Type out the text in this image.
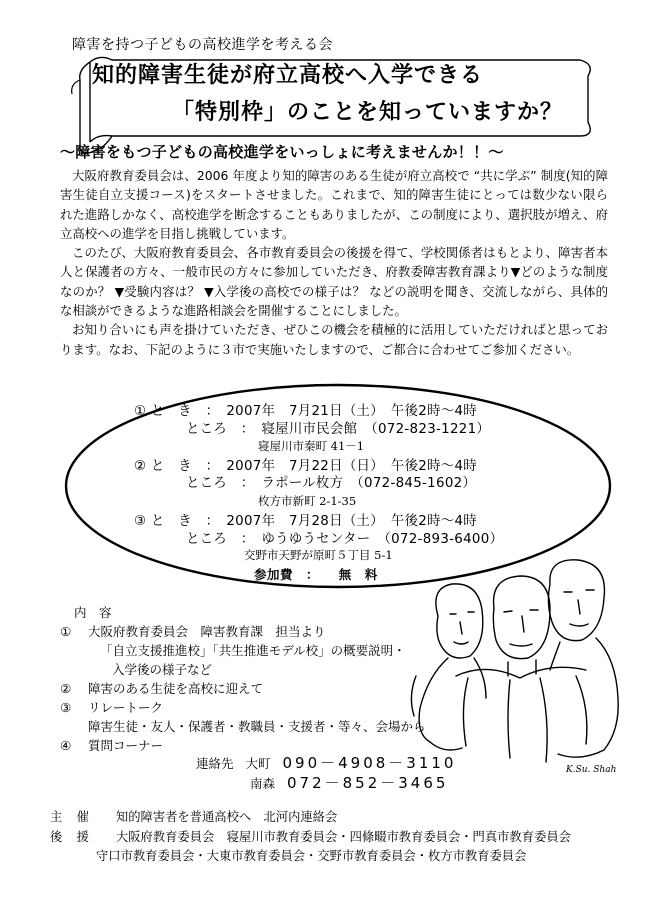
障害を持つ子どもの高校進学を考える会
知的障害生徒が府立高校へ入学できる
「特別枠」のことを知っていますか？
〜障害をもつ子どもの高校進学をいっしょに考えませんか！！〜

大阪府教育委員会は、2006 年度より知的障害のある生徒が府立高校で “共に学ぶ” 制度(知的障害生徒自立支援コース)をスタートさせました。これまで、知的障害生徒にとっては数少ない限られた進路しかなく、高校進学を断念することもありましたが、この制度により、選択肢が増え、府立高校への進学を目指し挑戦しています。

このたび、大阪府教育委員会、各市教育委員会の後援を得て、学校関係者はもとより、障害者本人と保護者の方々、一般市民の方々に参加していただき、府教委障害教育課より▼どのような制度なのか？ ▼受験内容は？ ▼入学後の高校での様子は？ などの説明を聞き、交流しながら、具体的な相談ができるような進路相談会を開催することにしました。

お知り合いにも声を掛けていただき、ぜひこの機会を積極的に活用していただければと思っております。なお、下記のように３市で実施いたしますので、ご都合に合わせてご参加ください。

① と　き　：　2007年　7月21日（土）　午後2時〜4時
ところ　：　寝屋川市民会館　（072-823-1221）
寝屋川市秦町 41－1
② と　き　：　2007年　7月22日（日）　午後2時〜4時
ところ　：　ラポール枚方　（072-845-1602）
枚方市新町 2-1-35
③ と　き　：　2007年　7月28日（土）　午後2時〜4時
ところ　：　ゆうゆうセンター　（072-893-6400）
交野市天野が原町５丁目 5-1
参加費　：　　無　料
内　容
①	大阪府教育委員会　障害教育課　担当より
「自立支援推進校」「共生推進モデル校」の概要説明・
入学後の様子など
②	障害のある生徒を高校に迎えて
③	リレートーク
障害生徒・友人・保護者・教職員・支援者・等々、会場から
④	質問コーナー
連絡先 大町 090－4908－3110
南森 072－852－3465
K.Su. Shah
主　催 知的障害者を普通高校へ　北河内連絡会
後　援 大阪府教育委員会　寝屋川市教育委員会・四條畷市教育委員会・門真市教育委員会
守口市教育委員会・大東市教育委員会・交野市教育委員会・枚方市教育委員会
